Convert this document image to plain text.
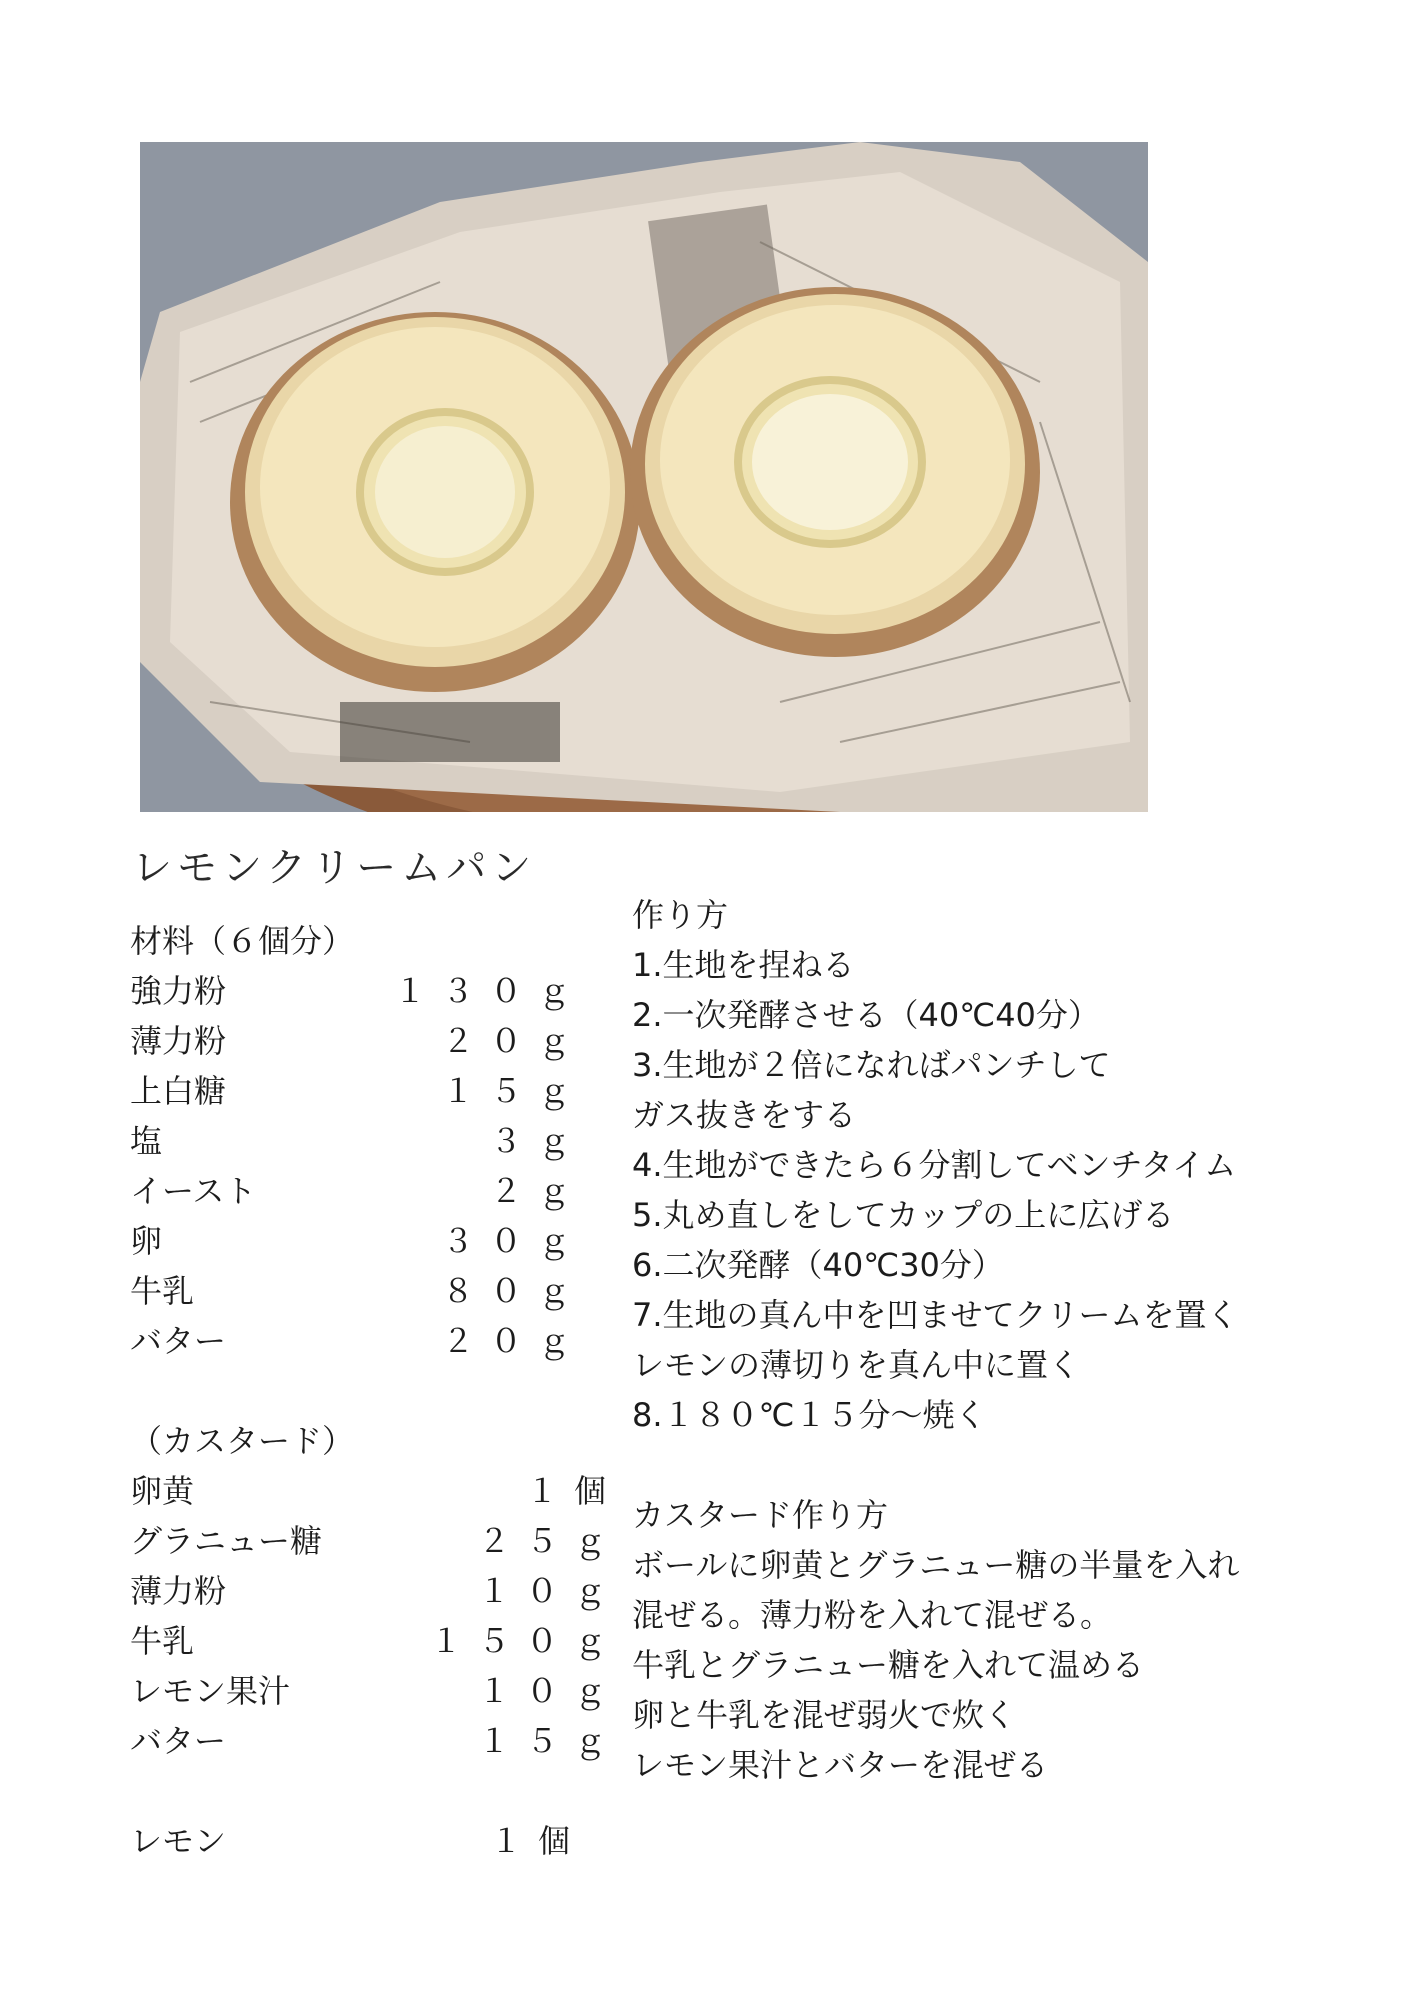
レモンクリームパン
材料（６個分）
強力粉	１３０ｇ
薄力粉	２０ｇ
上白糖	１５ｇ
塩	３ｇ
イースト	２ｇ
卵	３０ｇ
牛乳	８０ｇ
バター	２０ｇ
（カスタード）
卵黄	１個
グラニュー糖	２５ｇ
薄力粉	１０ｇ
牛乳	１５０ｇ
レモン果汁	１０ｇ
バター	１５ｇ
レモン	１個
作り方
1.生地を捏ねる
2.一次発酵させる（40℃40分）
3.生地が２倍になればパンチして
ガス抜きをする
4.生地ができたら６分割してベンチタイム
5.丸め直しをしてカップの上に広げる
6.二次発酵（40℃30分）
7.生地の真ん中を凹ませてクリームを置く
レモンの薄切りを真ん中に置く
8.１８０℃１５分〜焼く
カスタード作り方
ボールに卵黄とグラニュー糖の半量を入れ
混ぜる。薄力粉を入れて混ぜる。
牛乳とグラニュー糖を入れて温める
卵と牛乳を混ぜ弱火で炊く
レモン果汁とバターを混ぜる
